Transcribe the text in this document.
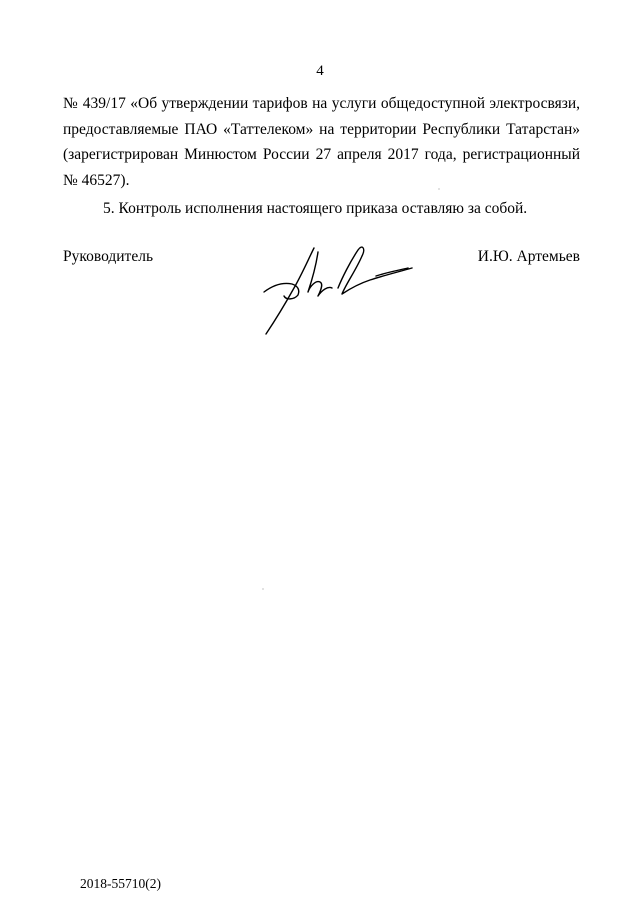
4

№ 439/17 «Об утверждении тарифов на услуги общедоступной электросвязи,
предоставляемые ПАО «Таттелеком» на территории Республики Татарстан»
(зарегистрирован Минюстом России 27 апреля 2017 года, регистрационный
№ 46527).

5. Контроль исполнения настоящего приказа оставляю за собой.

Руководитель	И.Ю. Артемьев
2018-55710(2)
